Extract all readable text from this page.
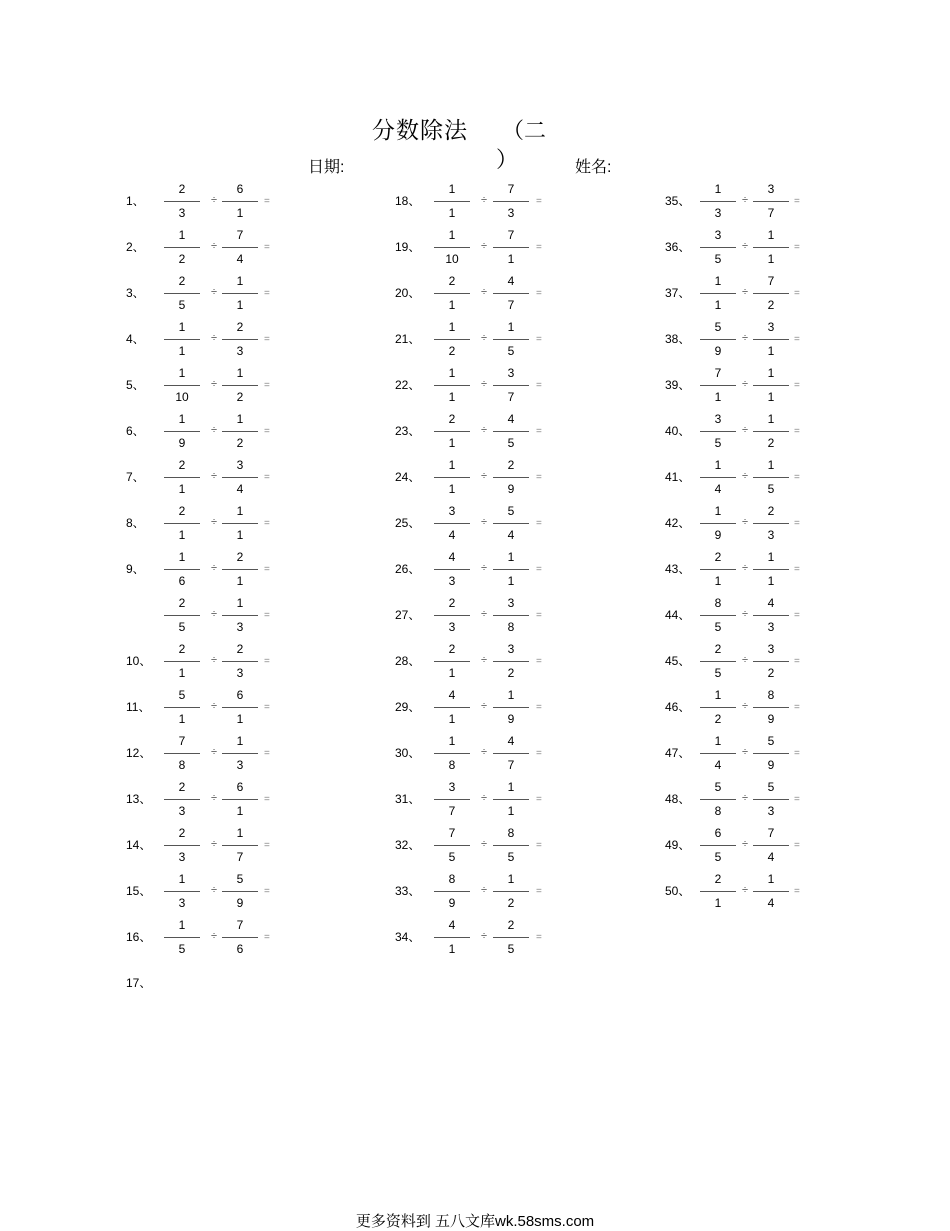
分数除法 （二
）
日期:	姓名:
1、
2
3
÷
6
1
=
2、
1
2
÷
7
4
=
3、
2
5
÷
1
1
=
4、
1
1
÷
2
3
=
5、
1
10
÷
1
2
=
6、
1
9
÷
1
2
=
7、
2
1
÷
3
4
=
8、
2
1
÷
1
1
=
9、
1
6
÷
2
1
=
2
5
÷
1
3
=
10、
2
1
÷
2
3
=
11、
5
1
÷
6
1
=
12、
7
8
÷
1
3
=
13、
2
3
÷
6
1
=
14、
2
3
÷
1
7
=
15、
1
3
÷
5
9
=
16、
1
5
÷
7
6
=
17、
18、
1
1
÷
7
3
=
19、
1
10
÷
7
1
=
20、
2
1
÷
4
7
=
21、
1
2
÷
1
5
=
22、
1
1
÷
3
7
=
23、
2
1
÷
4
5
=
24、
1
1
÷
2
9
=
25、
3
4
÷
5
4
=
26、
4
3
÷
1
1
=
27、
2
3
÷
3
8
=
28、
2
1
÷
3
2
=
29、
4
1
÷
1
9
=
30、
1
8
÷
4
7
=
31、
3
7
÷
1
1
=
32、
7
5
÷
8
5
=
33、
8
9
÷
1
2
=
34、
4
1
÷
2
5
=
35、
1
3
÷
3
7
=
36、
3
5
÷
1
1
=
37、
1
1
÷
7
2
=
38、
5
9
÷
3
1
=
39、
7
1
÷
1
1
=
40、
3
5
÷
1
2
=
41、
1
4
÷
1
5
=
42、
1
9
÷
2
3
=
43、
2
1
÷
1
1
=
44、
8
5
÷
4
3
=
45、
2
5
÷
3
2
=
46、
1
2
÷
8
9
=
47、
1
4
÷
5
9
=
48、
5
8
÷
5
3
=
49、
6
5
÷
7
4
=
50、
2
1
÷
1
4
=
更多资料到 五八文库wk.58sms.com
